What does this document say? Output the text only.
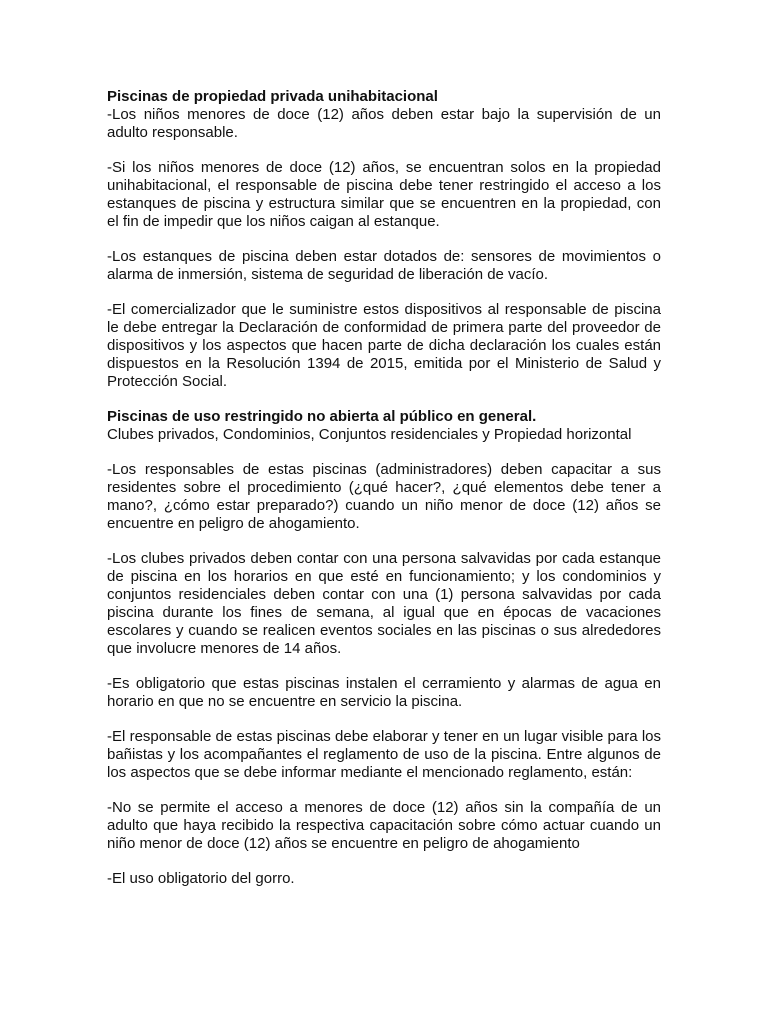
Piscinas de propiedad privada unihabitacional

-Los niños menores de doce (12) años deben estar bajo la supervisión de un adulto responsable.

-Si los niños menores de doce (12) años, se encuentran solos en la propiedad unihabitacional, el responsable de piscina debe tener restringido el acceso a los estanques de piscina y estructura similar que se encuentren en la propiedad, con el fin de impedir que los niños caigan al estanque.

-Los estanques de piscina deben estar dotados de: sensores de movimientos o alarma de inmersión, sistema de seguridad de liberación de vacío.

-El comercializador que le suministre estos dispositivos al responsable de piscina le debe entregar la Declaración de conformidad de primera parte del proveedor de dispositivos y los aspectos que hacen parte de dicha declaración los cuales están dispuestos en la Resolución 1394 de 2015, emitida por el Ministerio de Salud y Protección Social.

Piscinas de uso restringido no abierta al público en general.

Clubes privados, Condominios, Conjuntos residenciales y Propiedad horizontal

-Los responsables de estas piscinas (administradores) deben capacitar a sus residentes sobre el procedimiento (¿qué hacer?, ¿qué elementos debe tener a mano?, ¿cómo estar preparado?) cuando un niño menor de doce (12) años se encuentre en peligro de ahogamiento.

-Los clubes privados deben contar con una persona salvavidas por cada estanque de piscina en los horarios en que esté en funcionamiento; y los condominios y conjuntos residenciales deben contar con una (1) persona salvavidas por cada piscina durante los fines de semana, al igual que en épocas de vacaciones escolares y cuando se realicen eventos sociales en las piscinas o sus alrededores que involucre menores de 14 años.

-Es obligatorio que estas piscinas instalen el cerramiento y alarmas de agua en horario en que no se encuentre en servicio la piscina.

-El responsable de estas piscinas debe elaborar y tener en un lugar visible para los bañistas y los acompañantes el reglamento de uso de la piscina. Entre algunos de los aspectos que se debe informar mediante el mencionado reglamento, están:

-No se permite el acceso a menores de doce (12) años sin la compañía de un adulto que haya recibido la respectiva capacitación sobre cómo actuar cuando un niño menor de doce (12) años se encuentre en peligro de ahogamiento

-El uso obligatorio del gorro.
